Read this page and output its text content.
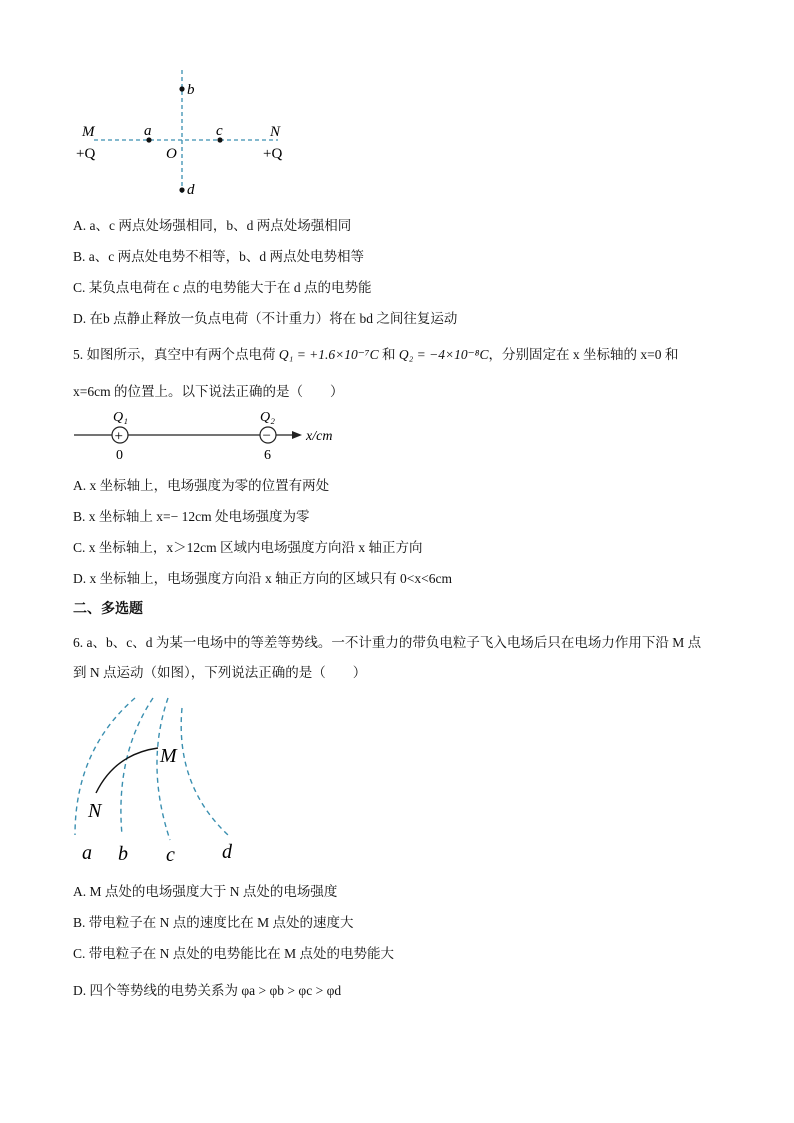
b
d
M	a
O
c	N
+Q	+Q
A. a、c 两点处场强相同，b、d 两点处场强相同
B. a、c 两点处电势不相等，b、d 两点处电势相等
C. 某负点电荷在 c 点的电势能大于在 d 点的电势能
D. 在b 点静止释放一负点电荷（不计重力）将在 bd 之间往复运动
5. 如图所示，真空中有两个点电荷 Q₁ = +1.6×10⁻⁷C 和 Q₂ = −4×10⁻⁸C，分别固定在 x 坐标轴的 x=0 和
x=6cm 的位置上。以下说法正确的是（　　）
+	−
Q₁	Q₂
0	6
x/cm
A. x 坐标轴上，电场强度为零的位置有两处
B. x 坐标轴上 x=− 12cm 处电场强度为零
C. x 坐标轴上，x＞12cm 区域内电场强度方向沿 x 轴正方向
D. x 坐标轴上，电场强度方向沿 x 轴正方向的区域只有 0<x<6cm
二、多选题
6. a、b、c、d 为某一电场中的等差等势线。一不计重力的带负电粒子飞入电场后只在电场力作用下沿 M 点
到 N 点运动（如图），下列说法正确的是（　　）
M
N
a b c d
A. M 点处的电场强度大于 N 点处的电场强度
B. 带电粒子在 N 点的速度比在 M 点处的速度大
C. 带电粒子在 N 点处的电势能比在 M 点处的电势能大
D. 四个等势线的电势关系为 φa > φb > φc > φd
